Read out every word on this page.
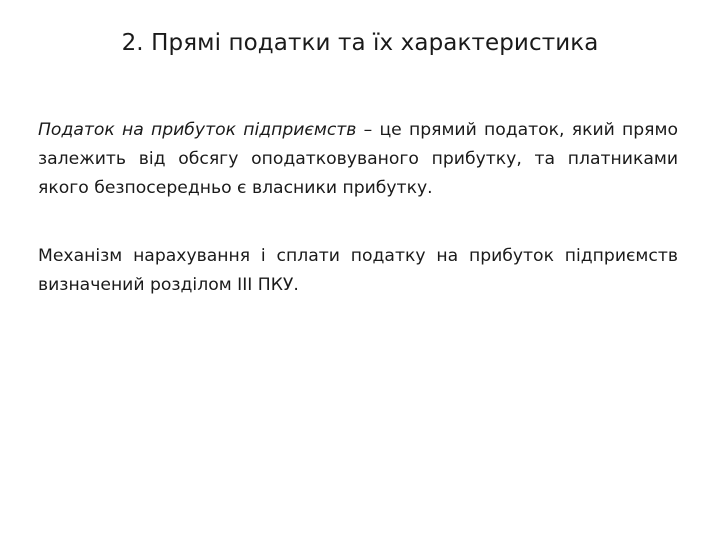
2. Прямі податки та їх характеристика

Податок на прибуток підприємств – це прямий податок, який прямо залежить від обсягу оподатковуваного прибутку, та платниками якого безпосередньо є власники прибутку.

Механізм нарахування і сплати податку на прибуток підприємств визначений розділом ІІІ ПКУ.
